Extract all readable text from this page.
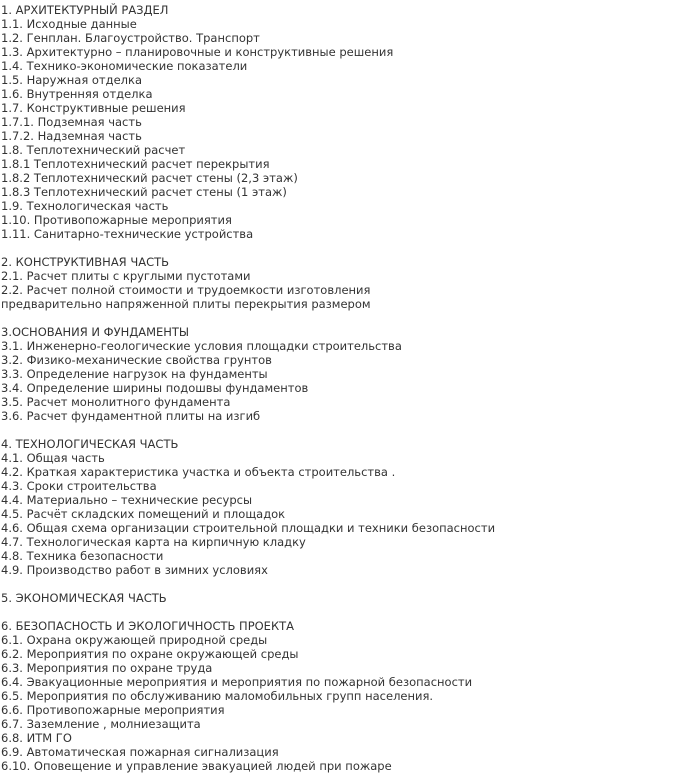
1. АРХИТЕКТУРНЫЙ РАЗДЕЛ
1.1. Исходные данные
1.2. Генплан. Благоустройство. Транспорт
1.3. Архитектурно – планировочные и конструктивные решения
1.4. Технико-экономические показатели
1.5. Наружная отделка
1.6. Внутренняя отделка
1.7. Конструктивные решения
1.7.1. Подземная часть
1.7.2. Надземная часть
1.8. Теплотехнический расчет
1.8.1 Теплотехнический расчет перекрытия
1.8.2 Теплотехнический расчет стены (2,3 этаж)
1.8.3 Теплотехнический расчет стены (1 этаж)
1.9. Технологическая часть
1.10. Противопожарные мероприятия
1.11. Санитарно-технические устройства
2. КОНСТРУКТИВНАЯ ЧАСТЬ
2.1. Расчет плиты с круглыми пустотами
2.2. Расчет полной стоимости и трудоемкости изготовления
предварительно напряженной плиты перекрытия размером
3.ОСНОВАНИЯ И ФУНДАМЕНТЫ
3.1. Инженерно-геологические условия площадки строительства
3.2. Физико-механические свойства грунтов
3.3. Определение нагрузок на фундаменты
3.4. Определение ширины подошвы фундаментов
3.5. Расчет монолитного фундамента
3.6. Расчет фундаментной плиты на изгиб
4. ТЕХНОЛОГИЧЕСКАЯ ЧАСТЬ
4.1. Общая часть
4.2. Краткая характеристика участка и объекта строительства .
4.3. Сроки строительства
4.4. Материально – технические ресурсы
4.5. Расчёт складских помещений и площадок
4.6. Общая схема организации строительной площадки и техники безопасности
4.7. Технологическая карта на кирпичную кладку
4.8. Техника безопасности
4.9. Производство работ в зимних условиях
5. ЭКОНОМИЧЕСКАЯ ЧАСТЬ
6. БЕЗОПАСНОСТЬ И ЭКОЛОГИЧНОСТЬ ПРОЕКТА
6.1. Охрана окружающей природной среды
6.2. Мероприятия по охране окружающей среды
6.3. Мероприятия по охране труда
6.4. Эвакуационные мероприятия и мероприятия по пожарной безопасности
6.5. Мероприятия по обслуживанию маломобильных групп населения.
6.6. Противопожарные мероприятия
6.7. Заземление , молниезащита
6.8. ИТМ ГО
6.9. Автоматическая пожарная сигнализация
6.10. Оповещение и управление эвакуацией людей при пожаре
